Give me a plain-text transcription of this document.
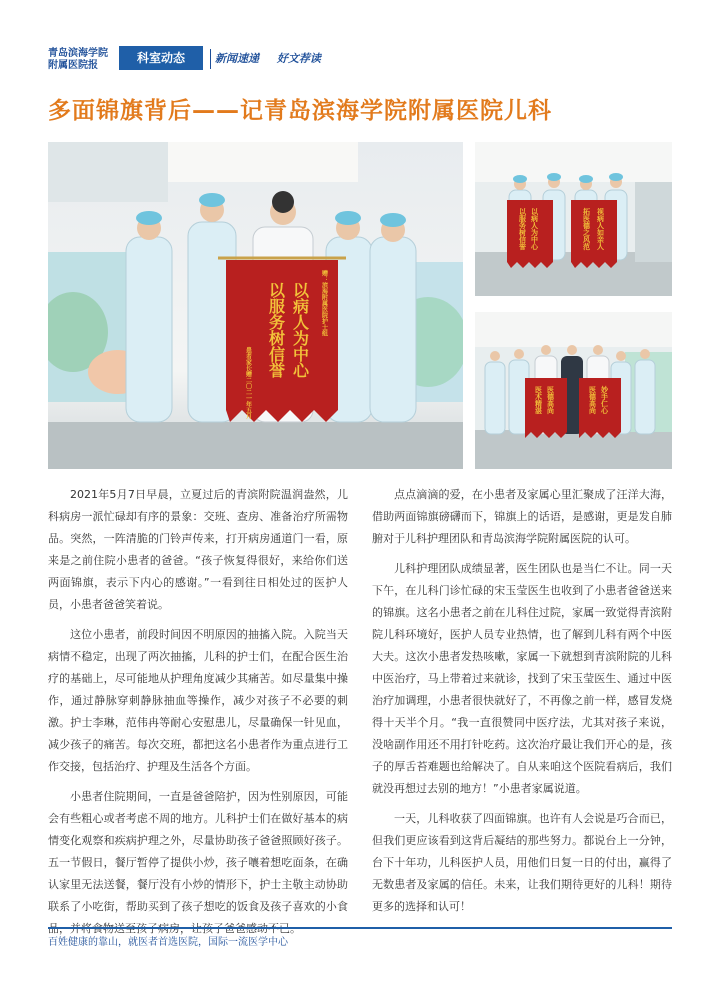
青岛滨海学院
附属医院报
科室动态	新闻速递 好文荐读
多面锦旗背后——记青岛滨海学院附属医院儿科
以病人为中心
以服务树信誉	赠：滨海附属医院护士组
患者家长赠二〇二一年五月
以病人为中心
以服务树信誉	视病人如亲人
拓医德之风范
医德高尚
医术精湛	妙手仁心
医德高尚

2021年5月7日早晨，立夏过后的青滨附院温润盎然，儿科病房一派忙碌却有序的景象：交班、查房、准备治疗所需物品。突然，一阵清脆的门铃声传来，打开病房通道门一看，原来是之前住院小患者的爸爸。“孩子恢复得很好，来给你们送两面锦旗，表示下内心的感谢。”一看到往日相处过的医护人员，小患者爸爸笑着说。

这位小患者，前段时间因不明原因的抽搐入院。入院当天病情不稳定，出现了两次抽搐，儿科的护士们，在配合医生治疗的基础上，尽可能地从护理角度减少其痛苦。如尽量集中操作，通过静脉穿刺静脉抽血等操作，减少对孩子不必要的刺激。护士李琳，范伟冉等耐心安慰患儿，尽量确保一针见血，减少孩子的痛苦。每次交班，都把这名小患者作为重点进行工作交接，包括治疗、护理及生活各个方面。

小患者住院期间，一直是爸爸陪护，因为性别原因，可能会有些粗心或者考虑不周的地方。儿科护士们在做好基本的病情变化观察和疾病护理之外，尽量协助孩子爸爸照顾好孩子。五一节假日，餐厅暂停了提供小炒，孩子嚷着想吃面条，在确认家里无法送餐，餐厅没有小炒的情形下，护士主敬主动协助联系了小吃街，帮助买到了孩子想吃的饭食及孩子喜欢的小食

点点滴滴的爱，在小患者及家属心里汇聚成了汪洋大海，借助两面锦旗磅礴而下，锦旗上的话语，是感谢，更是发自肺腑对于儿科护理团队和青岛滨海学院附属医院的认可。

儿科护理团队成绩显著，医生团队也是当仁不让。同一天下午，在儿科门诊忙碌的宋玉莹医生也收到了小患者爸爸送来的锦旗。这名小患者之前在儿科住过院，家属一致觉得青滨附院儿科环境好，医护人员专业热情，也了解到儿科有两个中医大夫。这次小患者发热咳嗽，家属一下就想到青滨附院的儿科中医治疗，马上带着过来就诊，找到了宋玉莹医生、通过中医治疗加调理，小患者很快就好了，不再像之前一样，感冒发烧得十天半个月。“我一直很赞同中医疗法，尤其对孩子来说，没啥副作用还不用打针吃药。这次治疗最让我们开心的是，孩子的厚舌苔难题也给解决了。自从来咱这个医院看病后，我们就没再想过去别的地方！”小患者家属说道。

一天，儿科收获了四面锦旗。也许有人会说是巧合而已，但我们更应该看到这背后凝结的那些努力。都说台上一分钟，台下十年功，儿科医护人员，用他们日复一日的付出，赢得了无数患者及家属的信任。未来，让我们期待更好的儿科！期待更多的选择和认可！

百姓健康的靠山，就医者首选医院，国际一流医学中心
